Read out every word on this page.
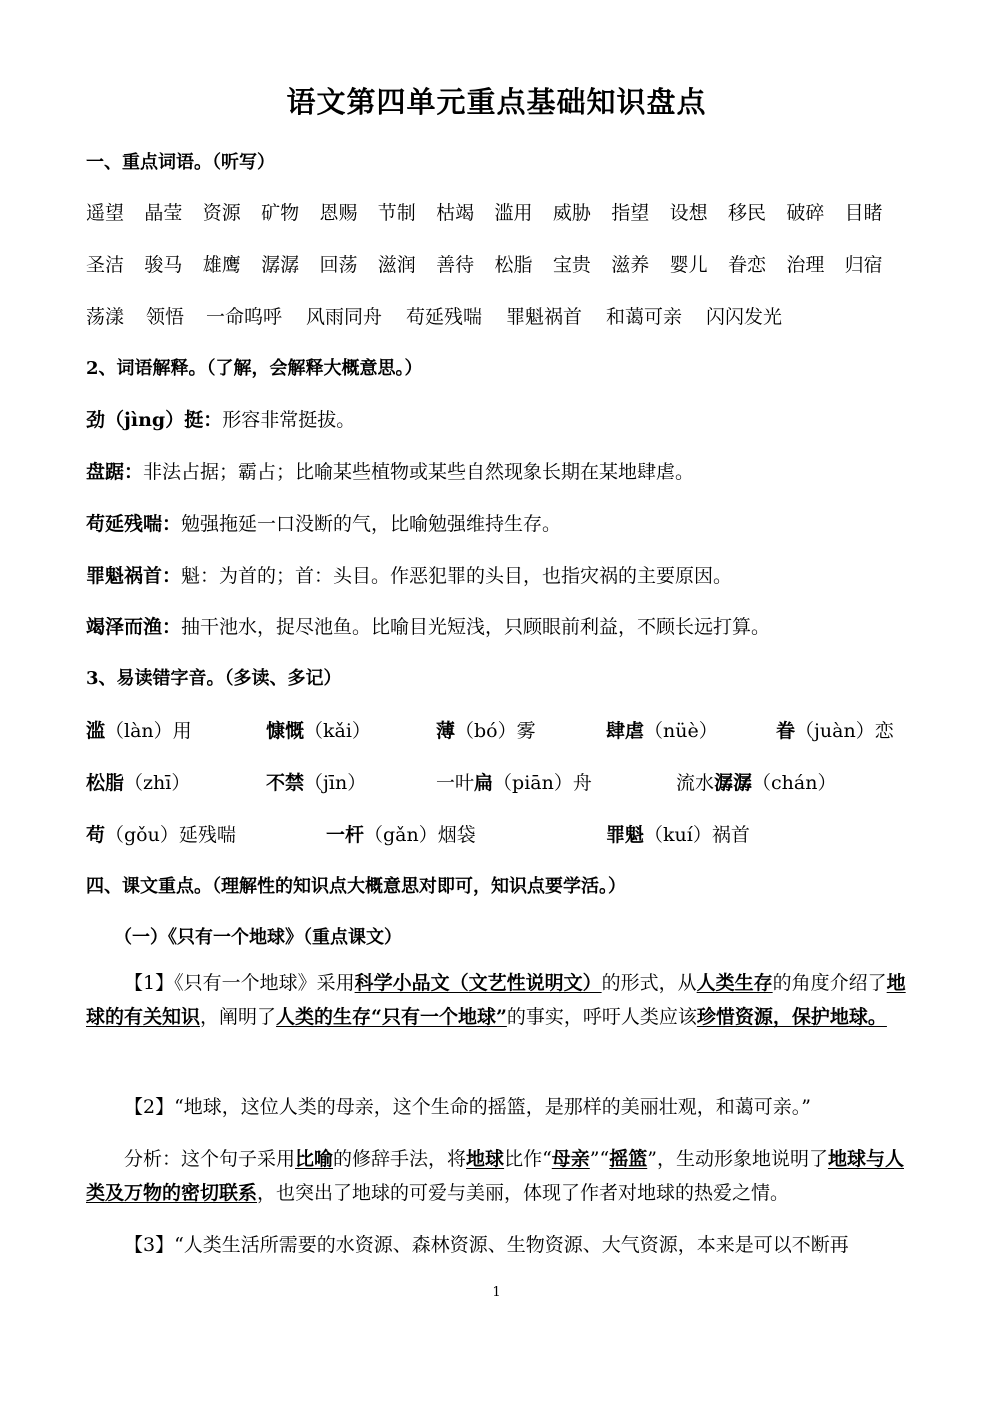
语文第四单元重点基础知识盘点
一、重点词语。（听写）
遥望	晶莹	资源	矿物	恩赐	节制	枯竭	滥用	威胁	指望	设想	移民	破碎	目睹
圣洁	骏马	雄鹰	潺潺	回荡	滋润	善待	松脂	宝贵	滋养	婴儿	眷恋	治理	归宿
荡漾	领悟	一命呜呼	风雨同舟	苟延残喘	罪魁祸首	和蔼可亲	闪闪发光
2、词语解释。（了解，会解释大概意思。）
劲（jìng）挺：形容非常挺拔。
盘踞：非法占据；霸占；比喻某些植物或某些自然现象长期在某地肆虐。
苟延残喘：勉强拖延一口没断的气，比喻勉强维持生存。
罪魁祸首：魁：为首的；首：头目。作恶犯罪的头目，也指灾祸的主要原因。
竭泽而渔：抽干池水，捉尽池鱼。比喻目光短浅，只顾眼前利益，不顾长远打算。
3、易读错字音。（多读、多记）
滥（làn）用	慷慨（kǎi）	薄（bó）雾	肆虐（nüè）	眷（juàn）恋
松脂（zhī）	不禁（jīn）	一叶扁（piān）舟	流水潺潺（chán）
苟（gǒu）延残喘	一杆（gǎn）烟袋	罪魁（kuí）祸首
四、课文重点。（理解性的知识点大概意思对即可，知识点要学活。）
（一）《只有一个地球》（重点课文）
【1】《只有一个地球》采用科学小品文（文艺性说明文）的形式，从人类生存的角度介绍了地球的有关知识，阐明了人类的生存“只有一个地球”的事实，呼吁人类应该珍惜资源，保护地球。
【2】“地球，这位人类的母亲，这个生命的摇篮，是那样的美丽壮观，和蔼可亲。”
分析：这个句子采用比喻的修辞手法，将地球比作“母亲”“摇篮”，生动形象地说明了地球与人类及万物的密切联系，也突出了地球的可爱与美丽，体现了作者对地球的热爱之情。
【3】“人类生活所需要的水资源、森林资源、生物资源、大气资源，本来是可以不断再
1
